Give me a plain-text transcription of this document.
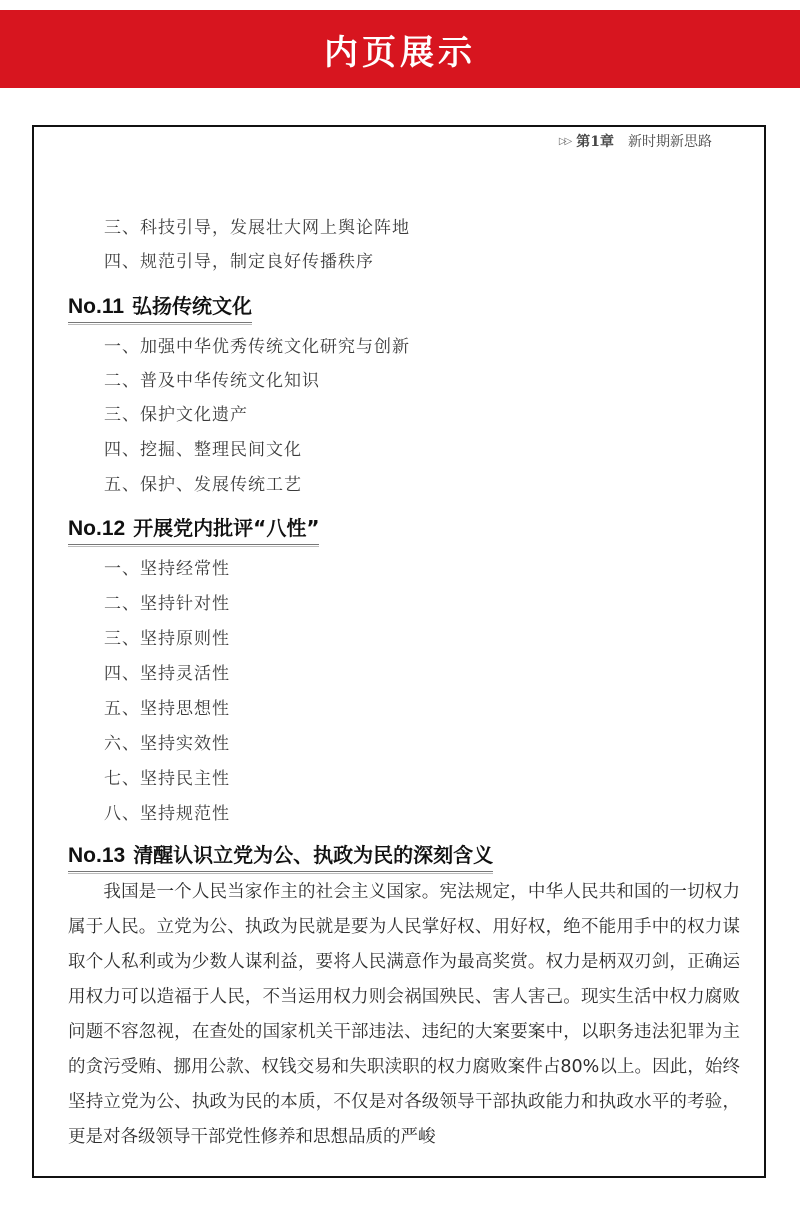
内页展示
▷▷ 第1章 新时期新思路
三、科技引导，发展壮大网上舆论阵地
四、规范引导，制定良好传播秩序
No.11 弘扬传统文化
一、加强中华优秀传统文化研究与创新
二、普及中华传统文化知识
三、保护文化遗产
四、挖掘、整理民间文化
五、保护、发展传统工艺
No.12 开展党内批评“八性”
一、坚持经常性
二、坚持针对性
三、坚持原则性
四、坚持灵活性
五、坚持思想性
六、坚持实效性
七、坚持民主性
八、坚持规范性
No.13 清醒认识立党为公、执政为民的深刻含义

　　我国是一个人民当家作主的社会主义国家。宪法规定，中华人民共和国的一切权力属于人民。立党为公、执政为民就是要为人民掌好权、用好权，绝不能用手中的权力谋取个人私利或为少数人谋利益，要将人民满意作为最高奖赏。权力是柄双刃剑，正确运用权力可以造福于人民，不当运用权力则会祸国殃民、害人害己。现实生活中权力腐败问题不容忽视，在查处的国家机关干部违法、违纪的大案要案中，以职务违法犯罪为主的贪污受贿、挪用公款、权钱交易和失职渎职的权力腐败案件占80%以上。因此，始终坚持立党为公、执政为民的本质，不仅是对各级领导干部执政能力和执政水平的考验，更是对各级领导干部党性修养和思想品质的严峻
